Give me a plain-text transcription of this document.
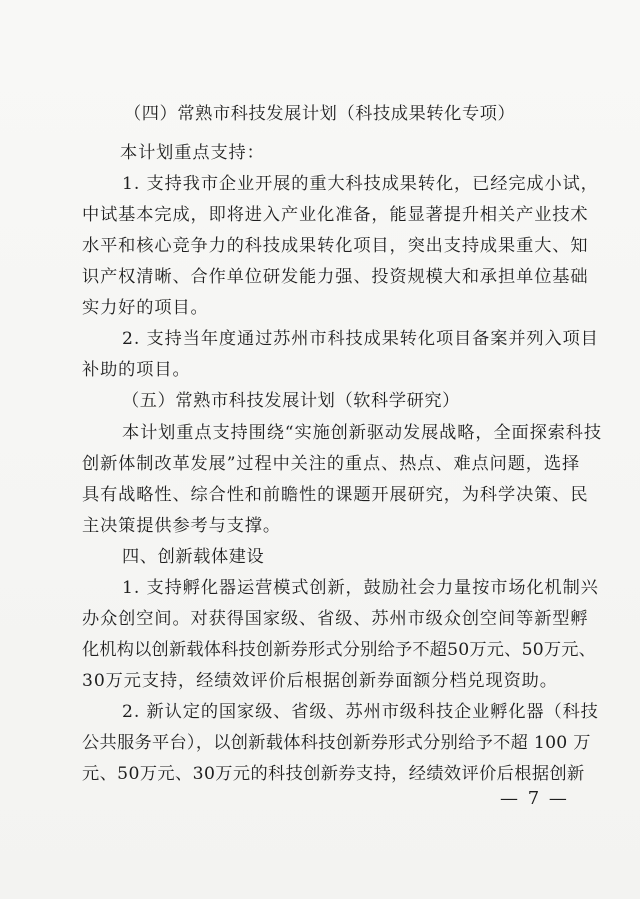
（四）常熟市科技发展计划（科技成果转化专项）
本计划重点支持：
1. 支持我市企业开展的重大科技成果转化，已经完成小试，
中试基本完成，即将进入产业化准备，能显著提升相关产业技术
水平和核心竞争力的科技成果转化项目，突出支持成果重大、知
识产权清晰、合作单位研发能力强、投资规模大和承担单位基础
实力好的项目。
2. 支持当年度通过苏州市科技成果转化项目备案并列入项目
补助的项目。
（五）常熟市科技发展计划（软科学研究）
本计划重点支持围绕“实施创新驱动发展战略，全面探索科技
创新体制改革发展”过程中关注的重点、热点、难点问题，选择
具有战略性、综合性和前瞻性的课题开展研究，为科学决策、民
主决策提供参考与支撑。
四、创新载体建设
1. 支持孵化器运营模式创新，鼓励社会力量按市场化机制兴
办众创空间。对获得国家级、省级、苏州市级众创空间等新型孵
化机构以创新载体科技创新券形式分别给予不超50万元、50万元、
30万元支持，经绩效评价后根据创新券面额分档兑现资助。
2. 新认定的国家级、省级、苏州市级科技企业孵化器（科技
公共服务平台），以创新载体科技创新券形式分别给予不超 100 万
元、50万元、30万元的科技创新券支持，经绩效评价后根据创新
— 7 —
